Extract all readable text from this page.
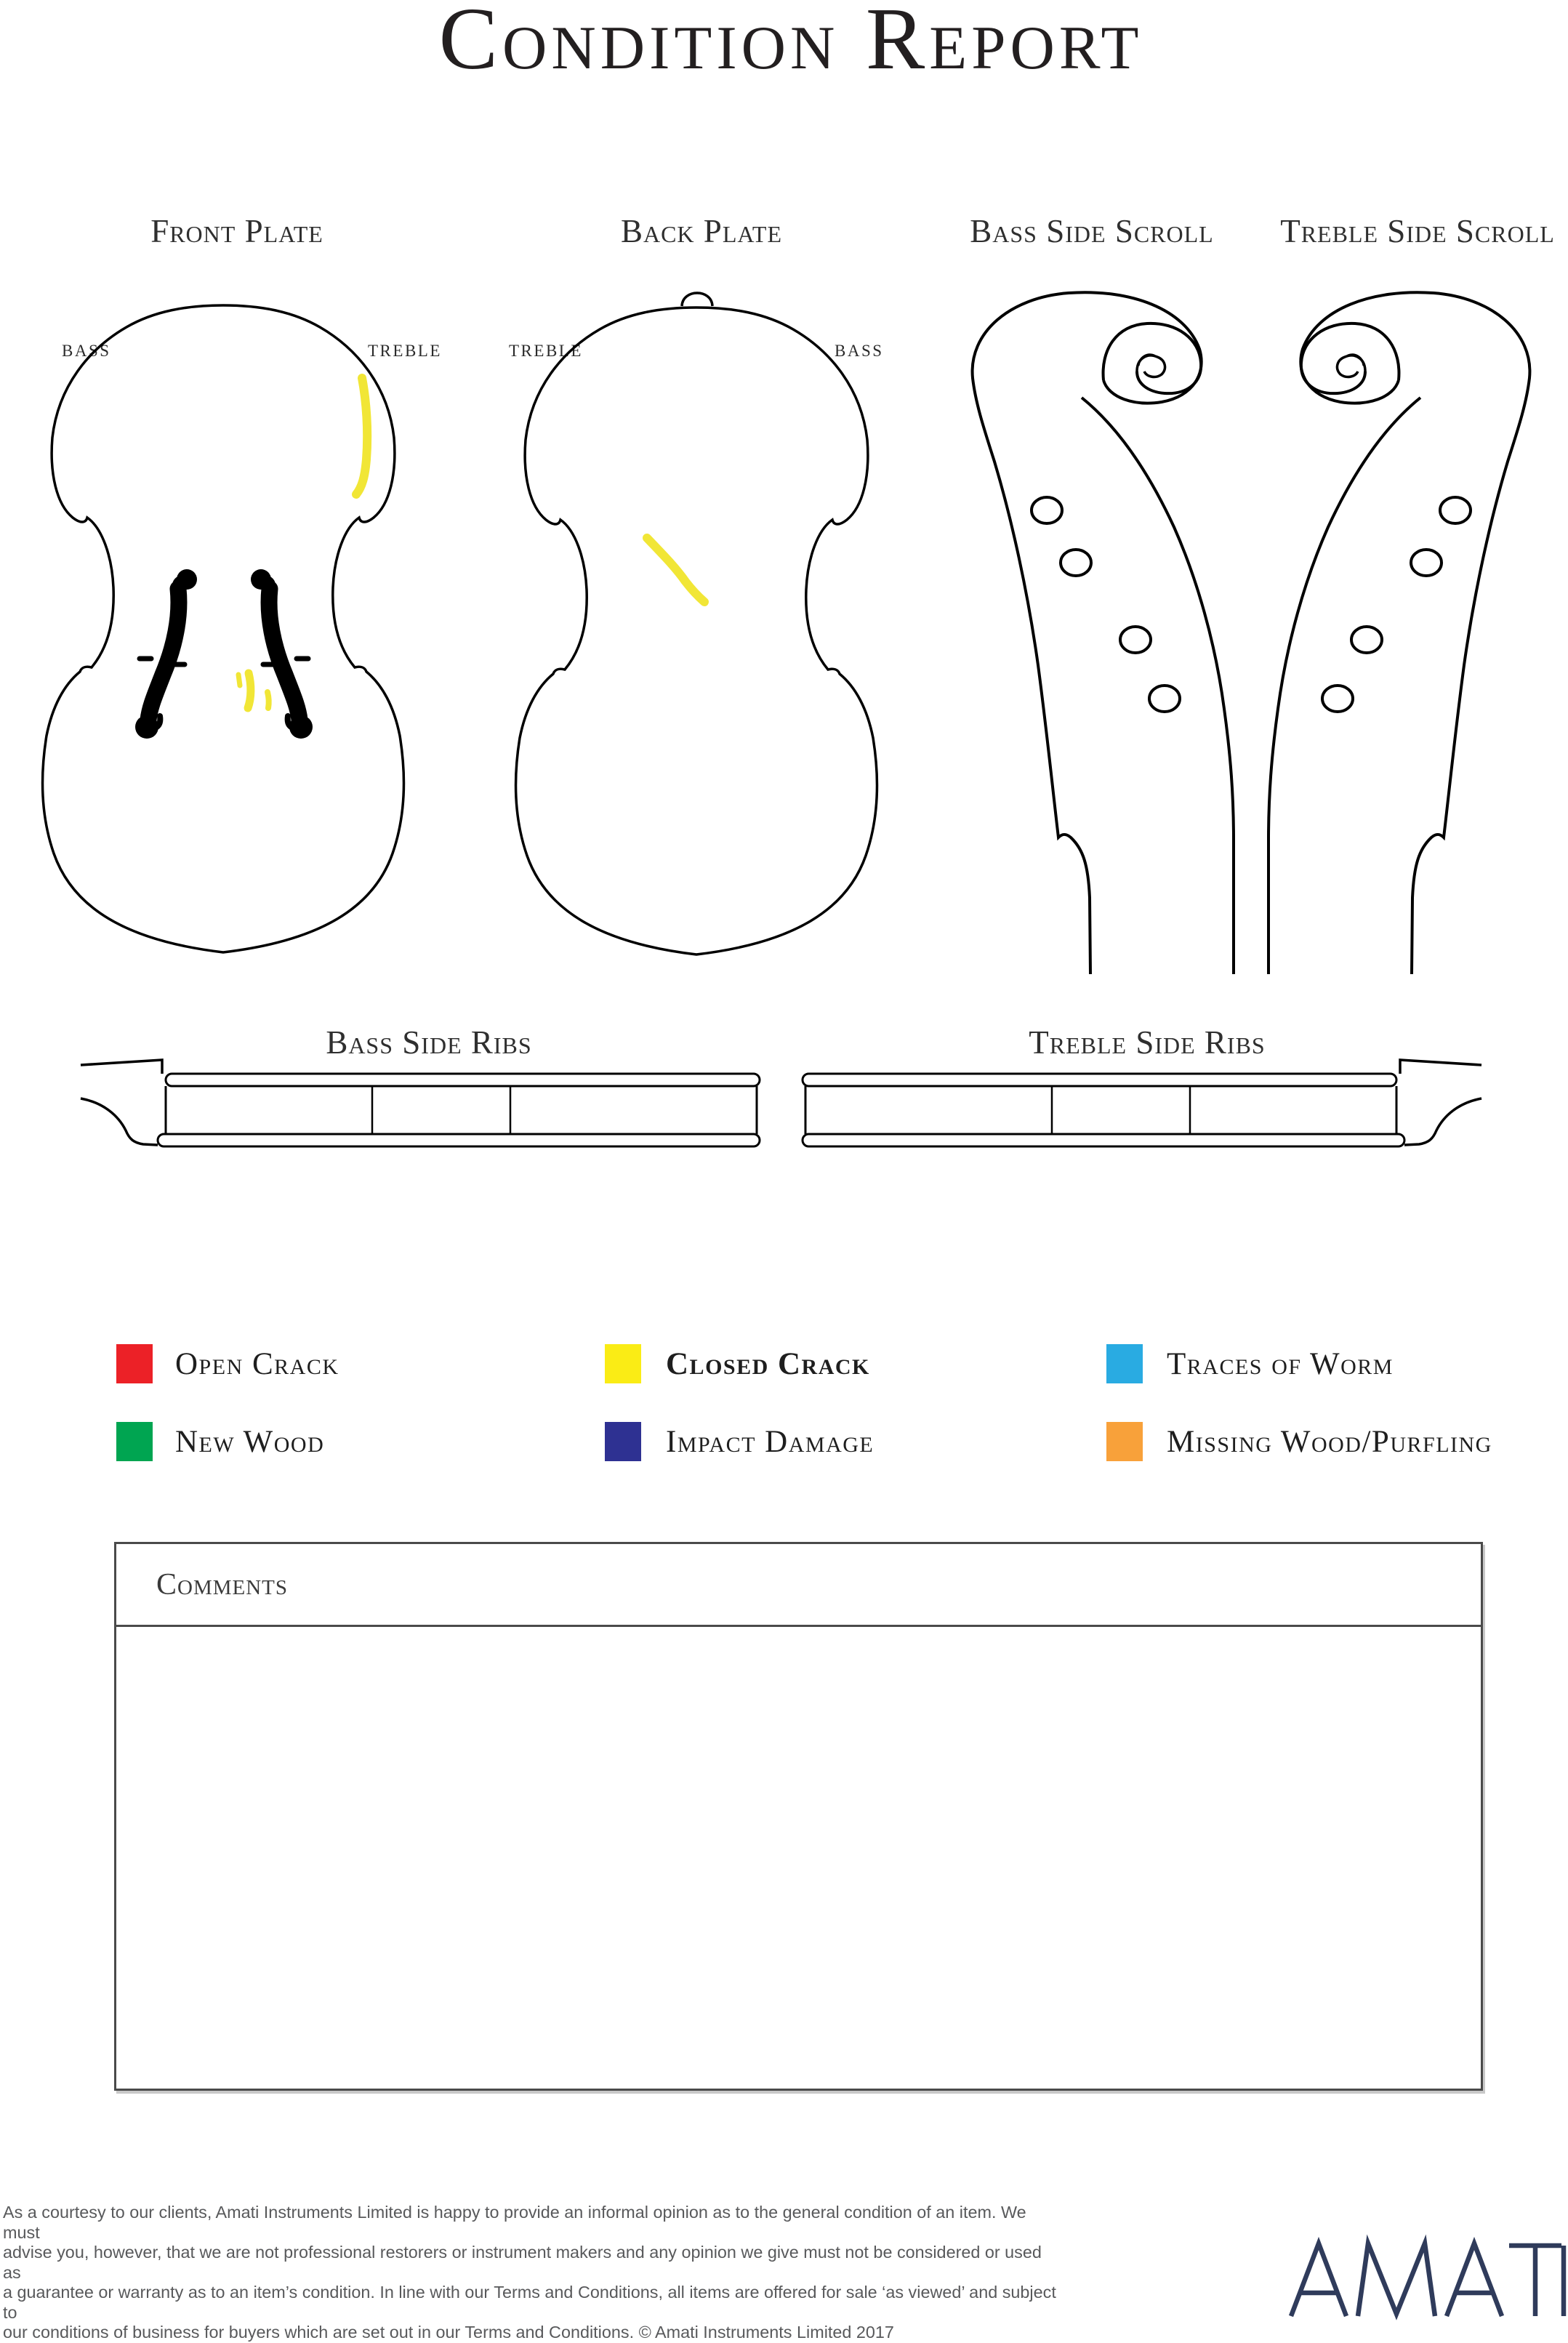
Condition Report
Front Plate	Back Plate	Bass Side Scroll Treble Side Scroll
BASS	TREBLE	TREBLE	BASS
Bass Side Ribs	Treble Side Ribs
Open Crack	Closed Crack	Traces of Worm
New Wood	Impact Damage	Missing Wood/Purfling
Comments
As a courtesy to our clients, Amati Instruments Limited is happy to provide an informal opinion as to the general condition of an item. We must
advise you, however, that we are not professional restorers or instrument makers and any opinion we give must not be considered or used as
a guarantee or warranty as to an item’s condition. In line with our Terms and Conditions, all items are offered for sale ‘as viewed’ and subject to
our conditions of business for buyers which are set out in our Terms and Conditions. © Amati Instruments Limited 2017
